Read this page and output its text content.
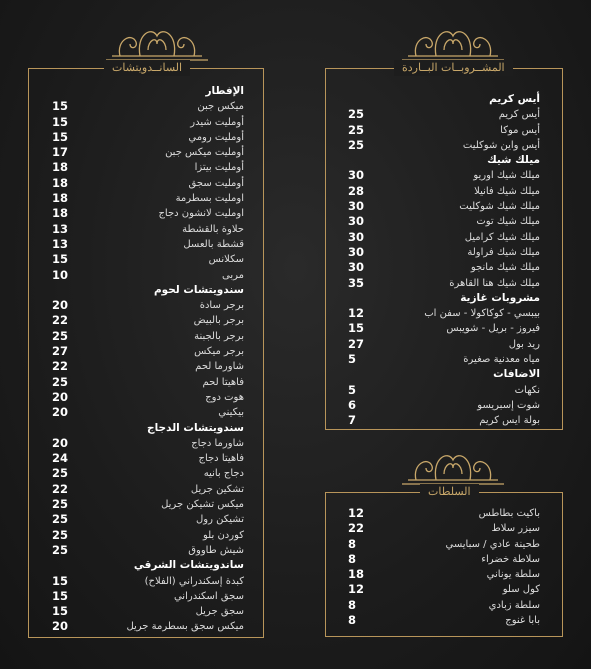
السانــدويتشات
الإفطار
ميكس جبن
15
أومليت شيدر
15
أومليت رومي
15
أومليت ميكس جبن
17
أومليت بيتزا
18
أومليت سجق
18
اومليت بسطرمة
18
اومليت لانشون دجاج
18
حلاوة بالقشطة
13
قشطة بالعسل
13
سكلانس
15
مربى
10
سندويتشات لحوم
برجر سادة
20
برجر بالبيض
22
برجر بالجبنة
25
برجر ميكس
27
شاورما لحم
22
فاهيتا لحم
25
هوت دوج
20
بيكيني
20
سندويتشات الدجاج
شاورما دجاج
20
فاهيتا دجاج
24
دجاج بانيه
25
تشكين جريل
22
ميكس تشيكن جريل
25
تشيكن رول
25
كوردن بلو
25
شيش طاووق
25
ساندويتشات الشرقي
كبدة إسكندراني (الفلاح)
15
سجق اسكندراني
15
سجق جريل
15
ميكس سجق بسطرمة جريل
20
المشــروبــات البــاردة
أيس كريم
أيس كريم
25
أيس موكا
25
أيس واين شوكليت
25
ميلك شيك
ميلك شيك اوريو
30
ميلك شيك فانيلا
28
ميلك شيك شوكليت
30
ميلك شيك توت
30
ميلك شيك كراميل
30
ميلك شيك فراولة
30
ميلك شيك مانجو
30
ميلك شيك هنا القاهرة
35
مشروبات غازية
بيبسي - كوكاكولا - سفن اب
12
فيروز - بريل - شويبس
15
ريد بول
27
مياه معدنية صغيرة
5
الاضافات
نكهات
5
شوت إسبريسو
6
بولة ايس كريم
7
السلطات
باكيت بطاطس
12
سيزر سلاط
22
طحينة عادي / سبايسي
8
سلاطة خضراء
8
سلطة يوناني
18
كول سلو
12
سلطة زبادي
8
بابا غنوج
8
